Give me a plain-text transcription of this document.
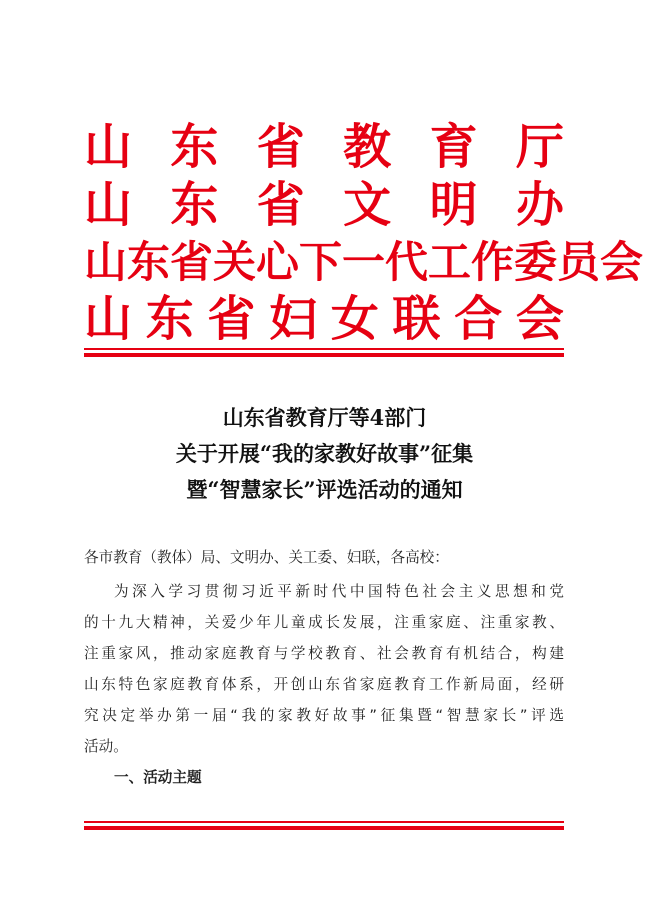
山 东 省 教 育 厅
山 东 省 文 明 办
山 东 省 关 心 下 一 代 工 作 委 员 会
山 东 省 妇 女 联 合 会
山东省教育厅等4部门
关于开展“我的家教好故事”征集
暨“智慧家长”评选活动的通知
各市教育（教体）局、文明办、关工委、妇联，各高校：
为深入学习贯彻习近平新时代中国特色社会主义思想和党
的十九大精神，关爱少年儿童成长发展，注重家庭、注重家教、
注重家风，推动家庭教育与学校教育、社会教育有机结合，构建
山东特色家庭教育体系，开创山东省家庭教育工作新局面，经研
究决定举办第一届“我的家教好故事”征集暨“智慧家长”评选
活动。
一、活动主题
